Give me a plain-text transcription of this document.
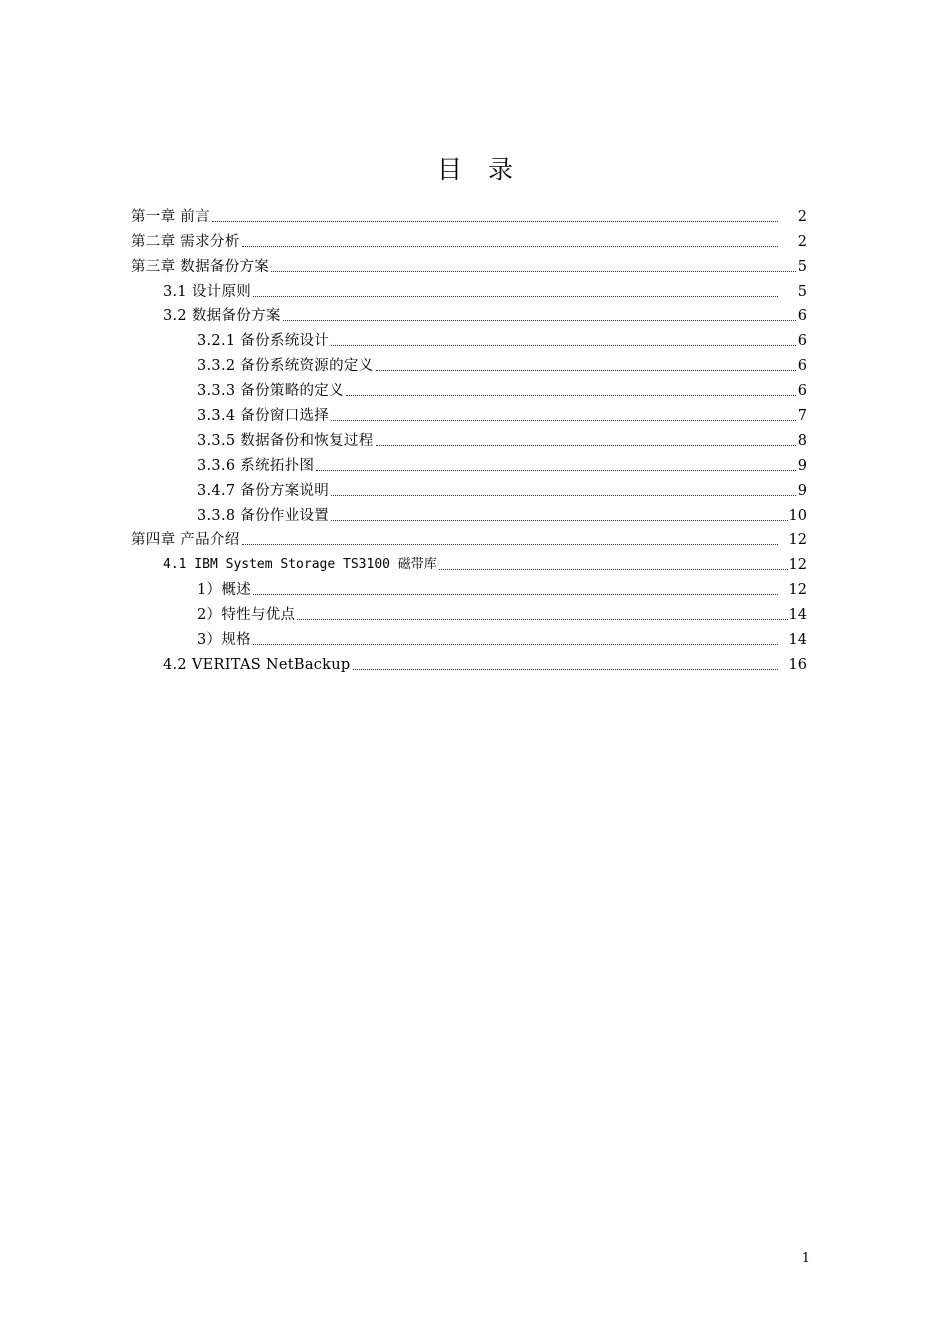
目录
第一章 前言	2
第二章 需求分析	2
第三章 数据备份方案	5
3.1 设计原则	5
3.2 数据备份方案	6
3.2.1 备份系统设计	6
3.3.2 备份系统资源的定义	6
3.3.3 备份策略的定义	6
3.3.4 备份窗口选择	7
3.3.5 数据备份和恢复过程	8
3.3.6 系统拓扑图	9
3.4.7 备份方案说明	9
3.3.8 备份作业设置	10
第四章 产品介绍	12
4.1 IBM System Storage TS3100 磁带库	12
1）概述	12
2）特性与优点	14
3）规格	14
4.2 VERITAS NetBackup	16
1
